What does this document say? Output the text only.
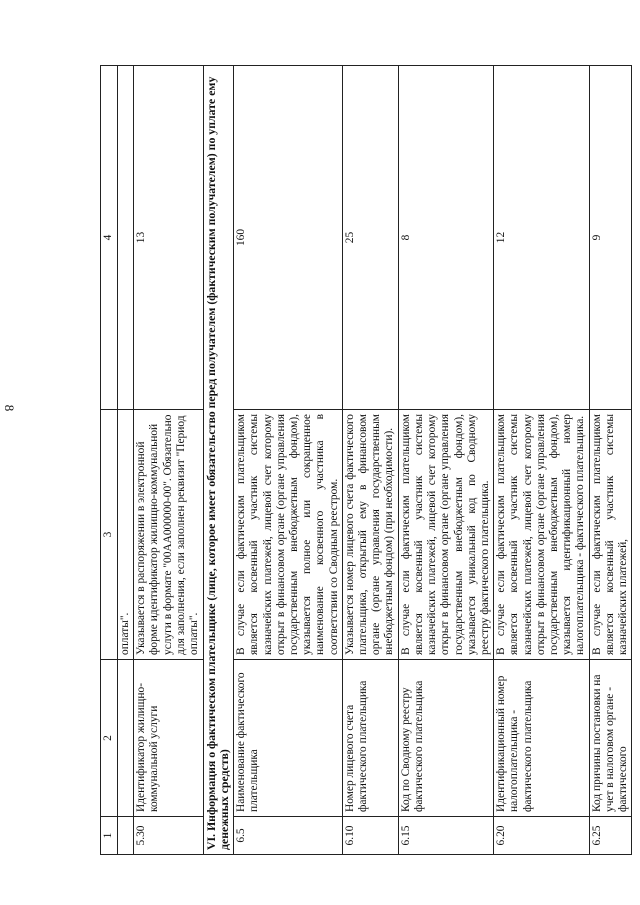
8
1	2	3	4
		оплаты".	
5.30	Идентификатор жилищно-коммунальной услуги	Указывается в распоряжении в электронной форме идентификатор жилищно-коммунальной услуги в формате "00АА000000-00". Обязательно для заполнения, если заполнен реквизит "Период оплаты".	13
VI. Информация о фактическом плательщике (лице, которое имеет обязательство перед получателем (фактическим получателем) по уплате ему денежных средств)			
6.5	Наименование фактического плательщика	В случае если фактическим плательщиком является косвенный участник системы казначейских платежей, лицевой счет которому открыт в финансовом органе (органе управления государственным внебюджетным фондом), указывается полное или сокращенное наименование косвенного участника в соответствии со Сводным реестром.	160
6.10	Номер лицевого счета фактического плательщика	Указывается номер лицевого счета фактического плательщика, открытый ему в финансовом органе (органе управления государственным внебюджетным фондом) (при необходимости).	25
6.15	Код по Сводному реестру фактического плательщика	В случае если фактическим плательщиком является косвенный участник системы казначейских платежей, лицевой счет которому открыт в финансовом органе (органе управления государственным внебюджетным фондом), указывается уникальный код по Сводному реестру фактического плательщика.	8
6.20	Идентификационный номер налогоплательщика - фактического плательщика	В случае если фактическим плательщиком является косвенный участник системы казначейских платежей, лицевой счет которому открыт в финансовом органе (органе управления государственным внебюджетным фондом), указывается идентификационный номер налогоплательщика - фактического плательщика.	12
6.25	Код причины постановки на учет в налоговом органе - фактического	В случае если фактическим плательщиком является косвенный участник системы казначейских платежей,	9
